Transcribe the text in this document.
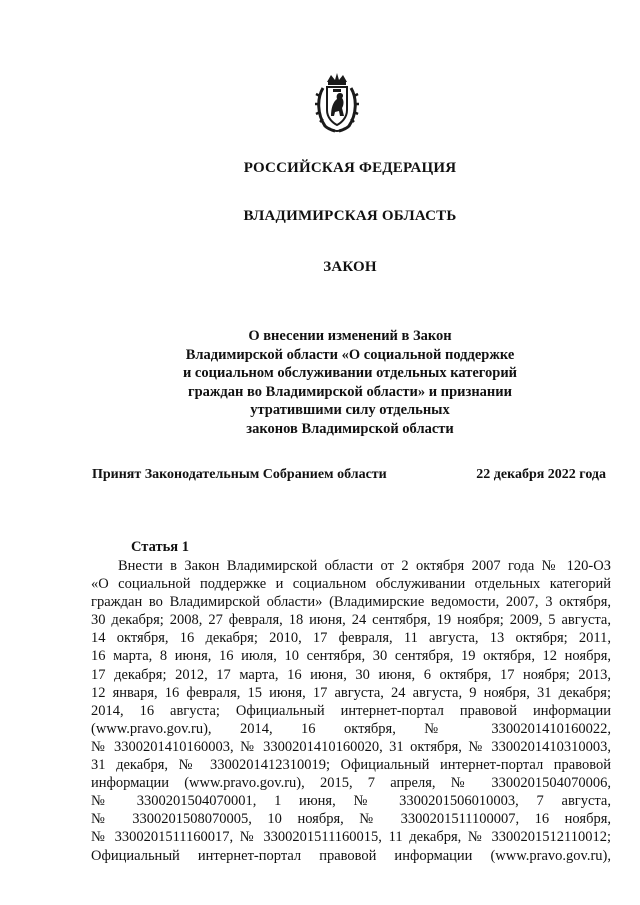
РОССИЙСКАЯ ФЕДЕРАЦИЯ
ВЛАДИМИРСКАЯ ОБЛАСТЬ
ЗАКОН
О внесении изменений в Закон
Владимирской области «О социальной поддержке
и социальном обслуживании отдельных категорий
граждан во Владимирской области» и признании
утратившими силу отдельных
законов Владимирской области
Принят Законодательным Собранием области	22 декабря 2022 года
Статья 1
Внести в Закон Владимирской области от 2 октября 2007 года № 120-ОЗ
«О социальной поддержке и социальном обслуживании отдельных категорий
граждан во Владимирской области» (Владимирские ведомости, 2007, 3 октября,
30 декабря; 2008, 27 февраля, 18 июня, 24 сентября, 19 ноября; 2009, 5 августа,
14 октября, 16 декабря; 2010, 17 февраля, 11 августа, 13 октября; 2011,
16 марта, 8 июня, 16 июля, 10 сентября, 30 сентября, 19 октября, 12 ноября,
17 декабря; 2012, 17 марта, 16 июня, 30 июня, 6 октября, 17 ноября; 2013,
12 января, 16 февраля, 15 июня, 17 августа, 24 августа, 9 ноября, 31 декабря;
2014, 16 августа; Официальный интернет-портал правовой информации
(www.pravo.gov.ru), 2014, 16 октября, № 3300201410160022,
№ 3300201410160003, № 3300201410160020, 31 октября, № 3300201410310003,
31 декабря, № 3300201412310019; Официальный интернет-портал правовой
информации (www.pravo.gov.ru), 2015, 7 апреля, № 3300201504070006,
№ 3300201504070001, 1 июня, № 3300201506010003, 7 августа,
№ 3300201508070005, 10 ноября, № 3300201511100007, 16 ноября,
№ 3300201511160017, № 3300201511160015, 11 декабря, № 3300201512110012;
Официальный интернет-портал правовой информации (www.pravo.gov.ru),
